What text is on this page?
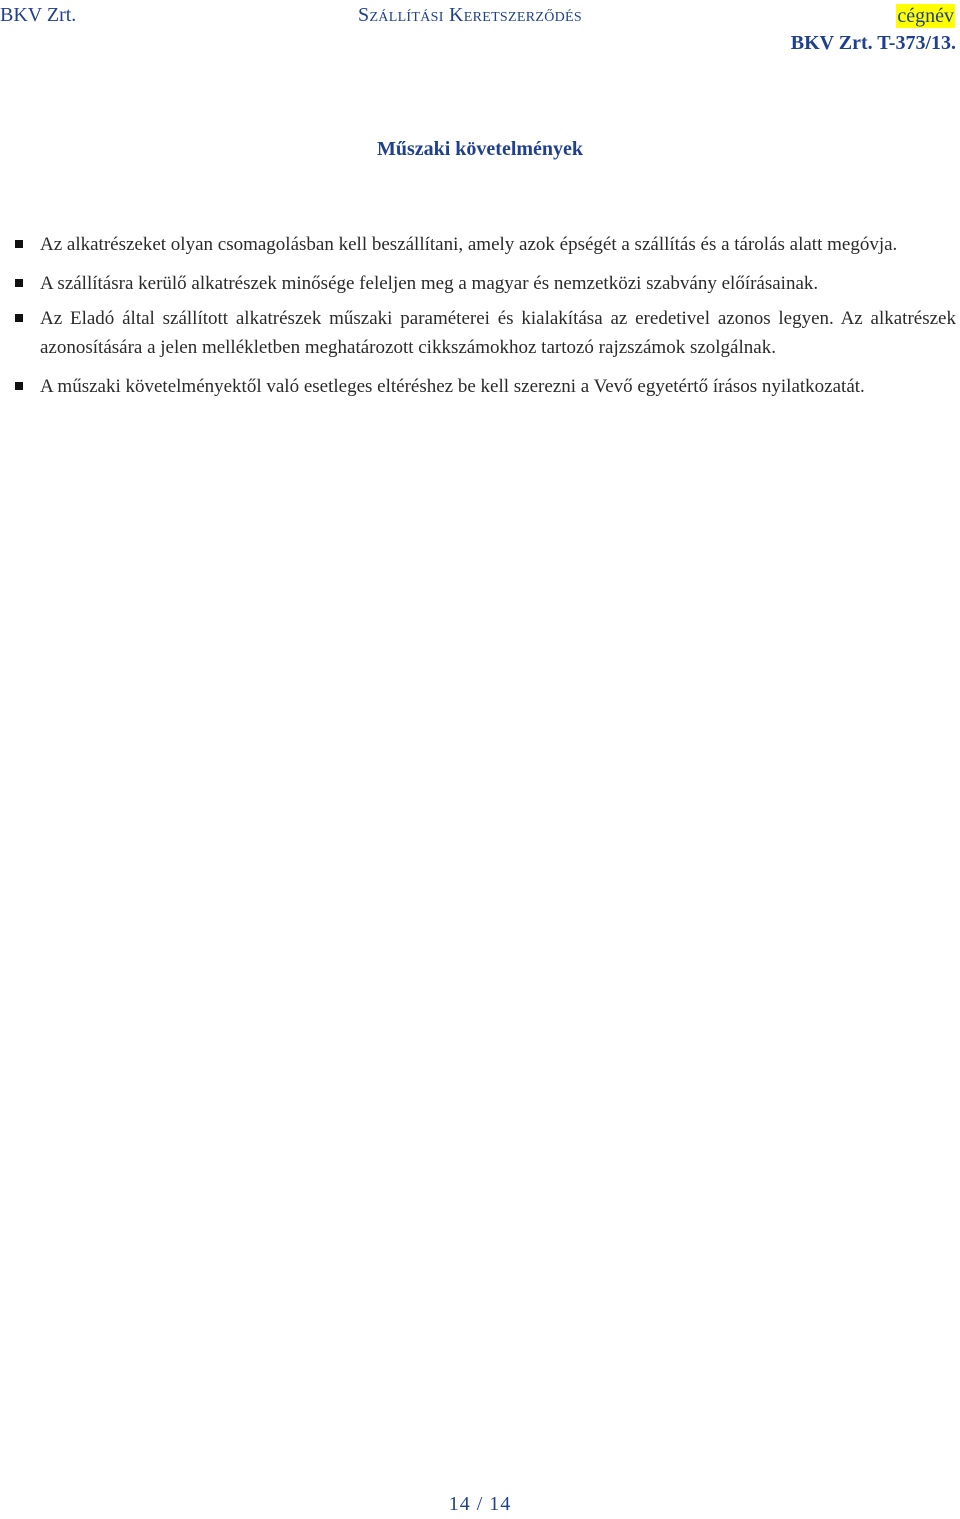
BKV Zrt.	Szállítási Keretszerződés	cégnév
BKV Zrt. T-373/13.
Műszaki követelmények
Az alkatrészeket olyan csomagolásban kell beszállítani, amely azok épségét a szállítás és a tárolás alatt megóvja.
A szállításra kerülő alkatrészek minősége feleljen meg a magyar és nemzetközi szabvány előírásainak.
Az Eladó által szállított alkatrészek műszaki paraméterei és kialakítása az eredetivel azonos legyen. Az alkatrészek azonosítására a jelen mellékletben meghatározott cikkszámokhoz tartozó rajzszámok szolgálnak.
A műszaki követelményektől való esetleges eltéréshez be kell szerezni a Vevő egyetértő írásos nyilatkozatát.
14 / 14
